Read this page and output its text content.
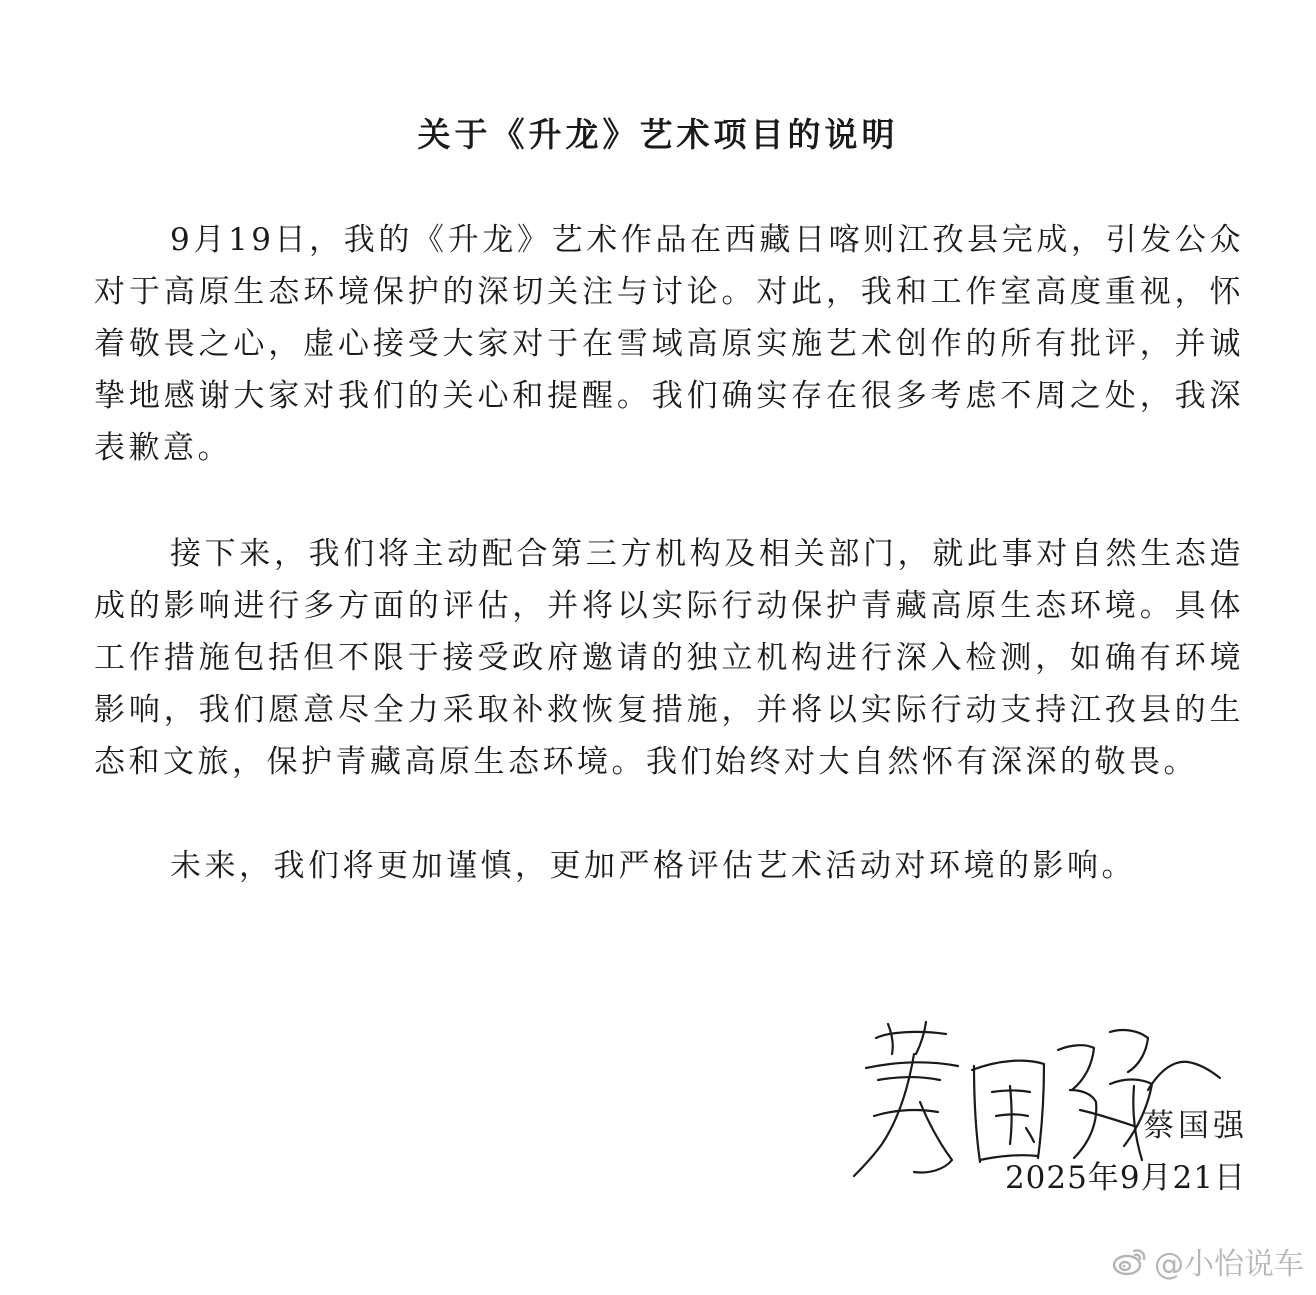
关于《升龙》艺术项目的说明
9月19日，我的《升龙》艺术作品在西藏日喀则江孜县完成，引发公众对于高原生态环境保护的深切关注与讨论。对此，我和工作室高度重视，怀着敬畏之心，虚心接受大家对于在雪域高原实施艺术创作的所有批评，并诚挚地感谢大家对我们的关心和提醒。我们确实存在很多考虑不周之处，我深表歉意。
接下来，我们将主动配合第三方机构及相关部门，就此事对自然生态造成的影响进行多方面的评估，并将以实际行动保护青藏高原生态环境。具体工作措施包括但不限于接受政府邀请的独立机构进行深入检测，如确有环境影响，我们愿意尽全力采取补救恢复措施，并将以实际行动支持江孜县的生态和文旅，保护青藏高原生态环境。我们始终对大自然怀有深深的敬畏。
未来，我们将更加谨慎，更加严格评估艺术活动对环境的影响。
蔡国强
2025年9月21日
@小怡说车
